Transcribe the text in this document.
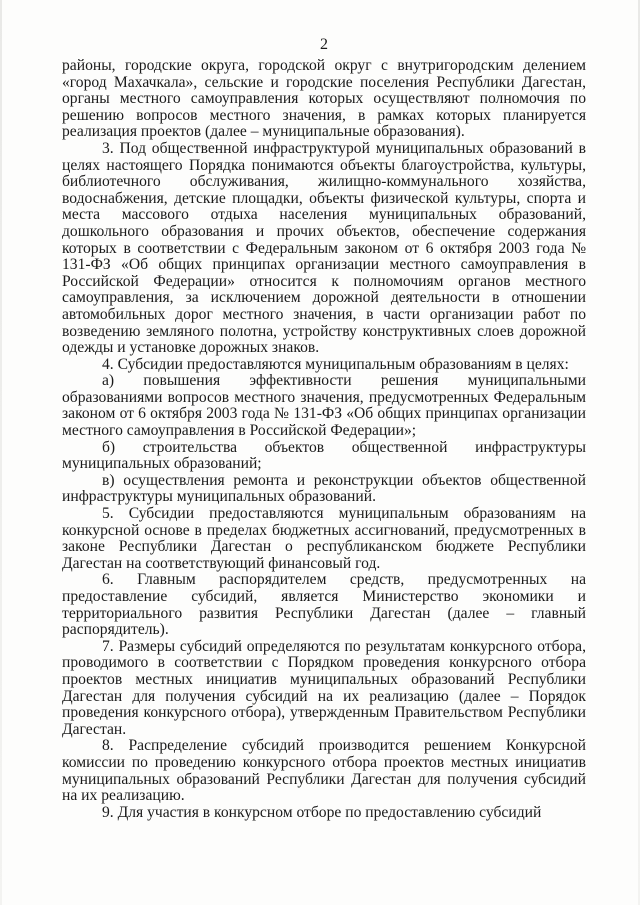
2

районы, городские округа, городской округ с внутригородским делением «город Махачкала», сельские и городские поселения Республики Дагестан, органы местного самоуправления которых осуществляют полномочия по решению вопросов местного значения, в рамках которых планируется реализация проектов (далее – муниципальные образования).

3. Под общественной инфраструктурой муниципальных образований в целях настоящего Порядка понимаются объекты благоустройства, культуры, библиотечного обслуживания, жилищно-коммунального хозяйства, водоснабжения, детские площадки, объекты физической культуры, спорта и места массового отдыха населения муниципальных образований, дошкольного образования и прочих объектов, обеспечение содержания которых в соответствии с Федеральным законом от 6 октября 2003 года № 131-ФЗ «Об общих принципах организации местного самоуправления в Российской Федерации» относится к полномочиям органов местного самоуправления, за исключением дорожной деятельности в отношении автомобильных дорог местного значения, в части организации работ по возведению земляного полотна, устройству конструктивных слоев дорожной одежды и установке дорожных знаков.

4. Субсидии предоставляются муниципальным образованиям в целях:

а) повышения эффективности решения муниципальными образованиями вопросов местного значения, предусмотренных Федеральным законом от 6 октября 2003 года № 131-ФЗ «Об общих принципах организации местного самоуправления в Российской Федерации»;

б) строительства объектов общественной инфраструктуры муниципальных образований;

в) осуществления ремонта и реконструкции объектов общественной инфраструктуры муниципальных образований.

5. Субсидии предоставляются муниципальным образованиям на конкурсной основе в пределах бюджетных ассигнований, предусмотренных в законе Республики Дагестан о республиканском бюджете Республики Дагестан на соответствующий финансовый год.

6. Главным распорядителем средств, предусмотренных на предоставление субсидий, является Министерство экономики и территориального развития Республики Дагестан (далее – главный распорядитель).

7. Размеры субсидий определяются по результатам конкурсного отбора, проводимого в соответствии с Порядком проведения конкурсного отбора проектов местных инициатив муниципальных образований Республики Дагестан для получения субсидий на их реализацию (далее – Порядок проведения конкурсного отбора), утвержденным Правительством Республики Дагестан.

8. Распределение субсидий производится решением Конкурсной комиссии по проведению конкурсного отбора проектов местных инициатив муниципальных образований Республики Дагестан для получения субсидий на их реализацию.

9. Для участия в конкурсном отборе по предоставлению субсидий
